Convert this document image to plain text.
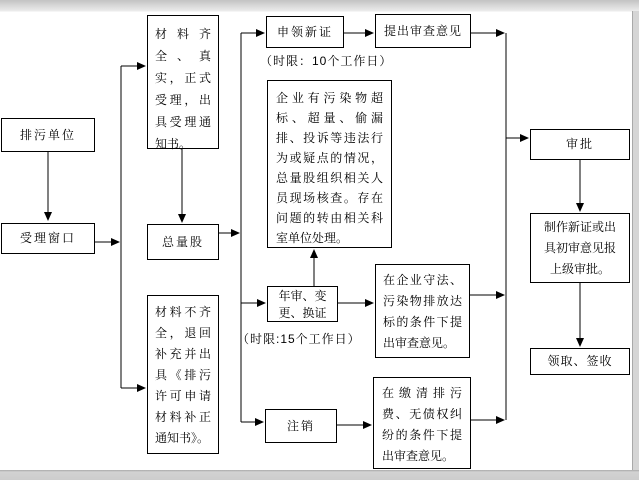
排污单位
受理窗口
材料齐全、真实，正式受理，出具受理通知书。
总量股
材料不齐全，退回补充并出具《排污许可申请材料补正通知书》。
申领新证
（时限：10个工作日）
企业有污染物超标、超量、偷漏排、投诉等违法行为或疑点的情况，总量股组织相关人员现场核查。存在问题的转由相关科室单位处理。
年审、变更、换证
（时限:15个工作日）
注销
提出审查意见
在企业守法、污染物排放达标的条件下提出审查意见。
在缴清排污费、无债权纠纷的条件下提出审查意见。
审批
制作新证或出具初审意见报上级审批。
领取、签收
